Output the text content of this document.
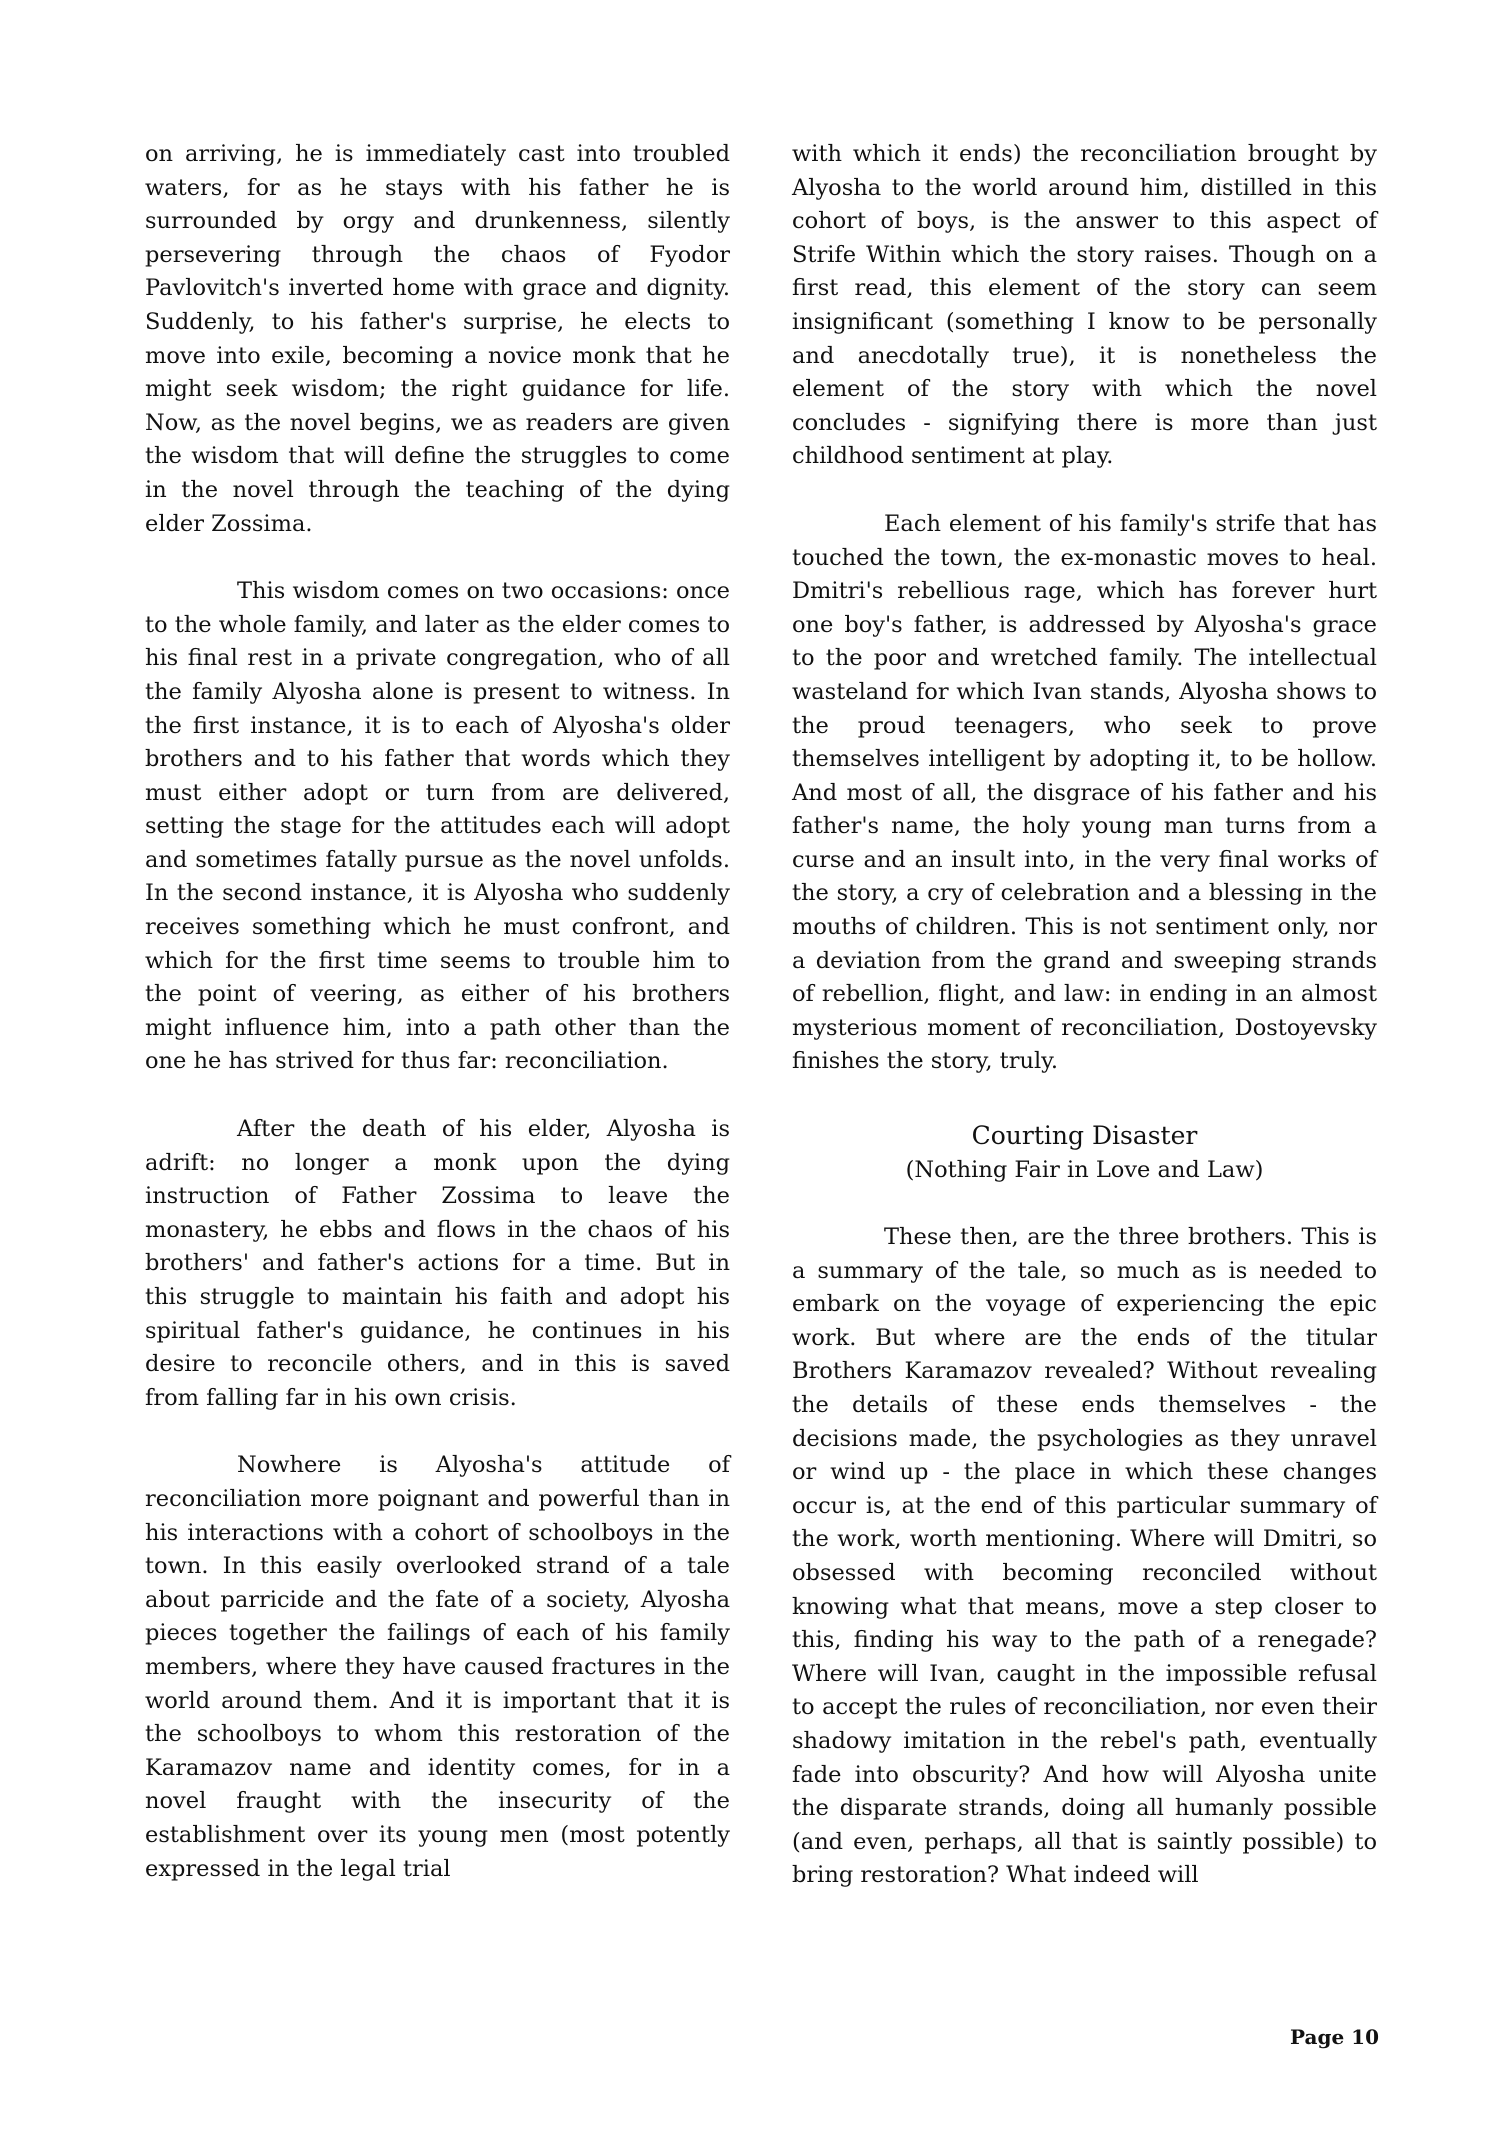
on arriving, he is immediately cast into troubled waters, for as he stays with his father he is surrounded by orgy and drunkenness, silently persevering through the chaos of Fyodor Pavlovitch's inverted home with grace and dignity. Suddenly, to his father's surprise, he elects to move into exile, becoming a novice monk that he might seek wisdom; the right guidance for life. Now, as the novel begins, we as readers are given the wisdom that will define the struggles to come in the novel through the teaching of the dying elder Zossima.

This wisdom comes on two occasions: once to the whole family, and later as the elder comes to his final rest in a private congregation, who of all the family Alyosha alone is present to witness. In the first instance, it is to each of Alyosha's older brothers and to his father that words which they must either adopt or turn from are delivered, setting the stage for the attitudes each will adopt and sometimes fatally pursue as the novel unfolds. In the second instance, it is Alyosha who suddenly receives something which he must confront, and which for the first time seems to trouble him to the point of veering, as either of his brothers might influence him, into a path other than the one he has strived for thus far: reconciliation.

After the death of his elder, Alyosha is adrift: no longer a monk upon the dying instruction of Father Zossima to leave the monastery, he ebbs and flows in the chaos of his brothers' and father's actions for a time. But in this struggle to maintain his faith and adopt his spiritual father's guidance, he continues in his desire to reconcile others, and in this is saved from falling far in his own crisis.

Nowhere is Alyosha's attitude of reconciliation more poignant and powerful than in his interactions with a cohort of schoolboys in the town. In this easily overlooked strand of a tale about parricide and the fate of a society, Alyosha pieces together the failings of each of his family members, where they have caused fractures in the world around them. And it is important that it is the schoolboys to whom this restoration of the Karamazov name and identity comes, for in a novel fraught with the insecurity of the establishment over its young men (most potently expressed in the legal trial

with which it ends) the reconciliation brought by Alyosha to the world around him, distilled in this cohort of boys, is the answer to this aspect of Strife Within which the story raises. Though on a first read, this element of the story can seem insignificant (something I know to be personally and anecdotally true), it is nonetheless the element of the story with which the novel concludes - signifying there is more than just childhood sentiment at play.

Each element of his family's strife that has touched the town, the ex-monastic moves to heal. Dmitri's rebellious rage, which has forever hurt one boy's father, is addressed by Alyosha's grace to the poor and wretched family. The intellectual wasteland for which Ivan stands, Alyosha shows to the proud teenagers, who seek to prove themselves intelligent by adopting it, to be hollow. And most of all, the disgrace of his father and his father's name, the holy young man turns from a curse and an insult into, in the very final works of the story, a cry of celebration and a blessing in the mouths of children. This is not sentiment only, nor a deviation from the grand and sweeping strands of rebellion, flight, and law: in ending in an almost mysterious moment of reconciliation, Dostoyevsky finishes the story, truly.

Courting Disaster
(Nothing Fair in Love and Law)

These then, are the three brothers. This is a summary of the tale, so much as is needed to embark on the voyage of experiencing the epic work. But where are the ends of the titular Brothers Karamazov revealed? Without revealing the details of these ends themselves - the decisions made, the psychologies as they unravel or wind up - the place in which these changes occur is, at the end of this particular summary of the work, worth mentioning. Where will Dmitri, so obsessed with becoming reconciled without knowing what that means, move a step closer to this, finding his way to the path of a renegade? Where will Ivan, caught in the impossible refusal to accept the rules of reconciliation, nor even their shadowy imitation in the rebel's path, eventually fade into obscurity? And how will Alyosha unite the disparate strands, doing all humanly possible (and even, perhaps, all that is saintly possible) to bring restoration? What indeed will

Page 10
